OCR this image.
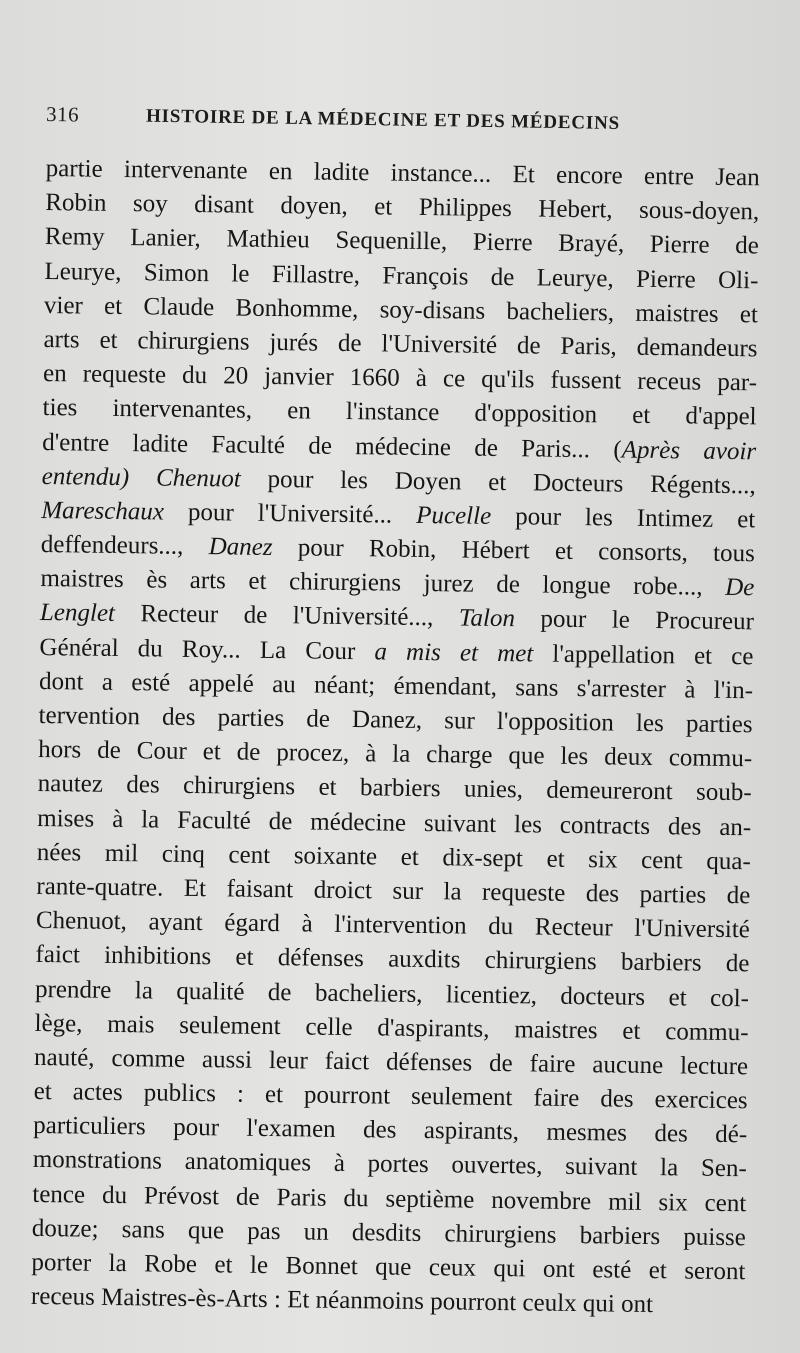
316	HISTOIRE DE LA MÉDECINE ET DES MÉDECINS
partie intervenante en ladite instance... Et encore entre Jean
Robin soy disant doyen, et Philippes Hebert, sous-doyen,
Remy Lanier, Mathieu Sequenille, Pierre Brayé, Pierre de
Leurye, Simon le Fillastre, François de Leurye, Pierre Oli-
vier et Claude Bonhomme, soy-disans bacheliers, maistres et
arts et chirurgiens jurés de l'Université de Paris, demandeurs
en requeste du 20 janvier 1660 à ce qu'ils fussent receus par-
ties intervenantes, en l'instance d'opposition et d'appel
d'entre ladite Faculté de médecine de Paris... (Après avoir
entendu) Chenuot pour les Doyen et Docteurs Régents...,
Mareschaux pour l'Université... Pucelle pour les Intimez et
deffendeurs..., Danez pour Robin, Hébert et consorts, tous
maistres ès arts et chirurgiens jurez de longue robe..., De
Lenglet Recteur de l'Université..., Talon pour le Procureur
Général du Roy... La Cour a mis et met l'appellation et ce
dont a esté appelé au néant; émendant, sans s'arrester à l'in-
tervention des parties de Danez, sur l'opposition les parties
hors de Cour et de procez, à la charge que les deux commu-
nautez des chirurgiens et barbiers unies, demeureront soub-
mises à la Faculté de médecine suivant les contracts des an-
nées mil cinq cent soixante et dix-sept et six cent qua-
rante-quatre. Et faisant droict sur la requeste des parties de
Chenuot, ayant égard à l'intervention du Recteur l'Université
faict inhibitions et défenses auxdits chirurgiens barbiers de
prendre la qualité de bacheliers, licentiez, docteurs et col-
lège, mais seulement celle d'aspirants, maistres et commu-
nauté, comme aussi leur faict défenses de faire aucune lecture
et actes publics : et pourront seulement faire des exercices
particuliers pour l'examen des aspirants, mesmes des dé-
monstrations anatomiques à portes ouvertes, suivant la Sen-
tence du Prévost de Paris du septième novembre mil six cent
douze; sans que pas un desdits chirurgiens barbiers puisse
porter la Robe et le Bonnet que ceux qui ont esté et seront
receus Maistres-ès-Arts : Et néanmoins pourront ceulx qui ont
